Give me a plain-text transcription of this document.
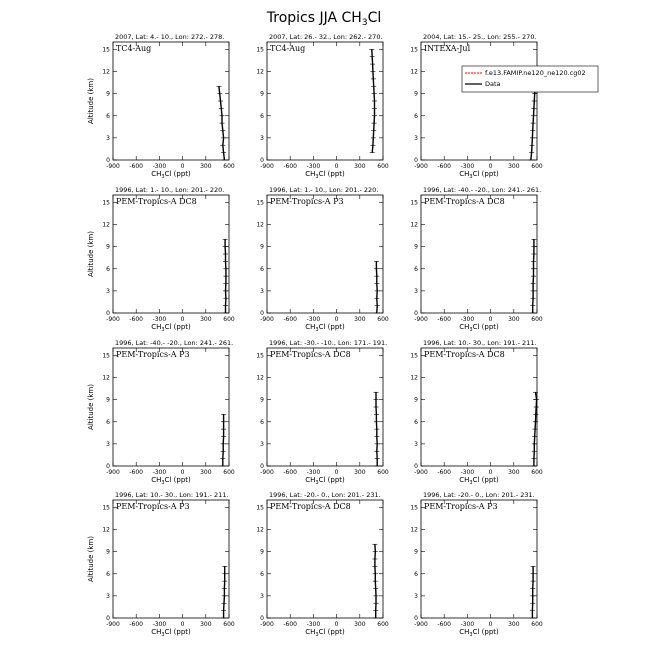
Tropics JJA $CH_3Cl$
2007, Lat: 4.- 10., Lon: 272.- 278.
TC4-Aug
-900 -600 -300 0	300 600
0
3
6
9
12
15
$CH_3Cl$ (ppt)
Altitude (km)
2007, Lat: 26.- 32., Lon: 262.- 270.
TC4-Aug
-900 -600 -300 0	300 600
0
3
6
9
12
15
$CH_3Cl$ (ppt)
2004, Lat: 15.- 25., Lon: 255.- 270.
INTEXA-Jul
-900 -600 -300 0	300 600
0
3
6
9
12
15
$CH_3Cl$ (ppt)
f.e13.FAMIP.ne120_ne120.cg02
Data
1996, Lat: 1.- 10., Lon: 201.- 220.
PEM-Tropics-A DC8
-900 -600 -300 0	300 600
0
3
6
9
12
15
$CH_3Cl$ (ppt)
Altitude (km)
1996, Lat: 1.- 10., Lon: 201.- 220.
PEM-Tropics-A P3
-900 -600 -300 0	300 600
0
3
6
9
12
15
$CH_3Cl$ (ppt)
1996, Lat: -40.- -20., Lon: 241.- 261.
PEM-Tropics-A DC8
-900 -600 -300 0	300 600
0
3
6
9
12
15
$CH_3Cl$ (ppt)
1996, Lat: -40.- -20., Lon: 241.- 261.
PEM-Tropics-A P3
-900 -600 -300 0	300 600
0
3
6
9
12
15
$CH_3Cl$ (ppt)
Altitude (km)
1996, Lat: -30.- -10., Lon: 171.- 191.
PEM-Tropics-A DC8
-900 -600 -300 0	300 600
0
3
6
9
12
15
$CH_3Cl$ (ppt)
1996, Lat: 10.- 30., Lon: 191.- 211.
PEM-Tropics-A DC8
-900 -600 -300 0	300 600
0
3
6
9
12
15
$CH_3Cl$ (ppt)
1996, Lat: 10.- 30., Lon: 191.- 211.
PEM-Tropics-A P3
-900 -600 -300 0	300 600
0
3
6
9
12
15
$CH_3Cl$ (ppt)
Altitude (km)
1996, Lat: -20.- 0., Lon: 201.- 231.
PEM-Tropics-A DC8
-900 -600 -300 0	300 600
0
3
6
9
12
15
$CH_3Cl$ (ppt)
1996, Lat: -20.- 0., Lon: 201.- 231.
PEM-Tropics-A P3
-900 -600 -300 0	300 600
0
3
6
9
12
15
$CH_3Cl$ (ppt)
